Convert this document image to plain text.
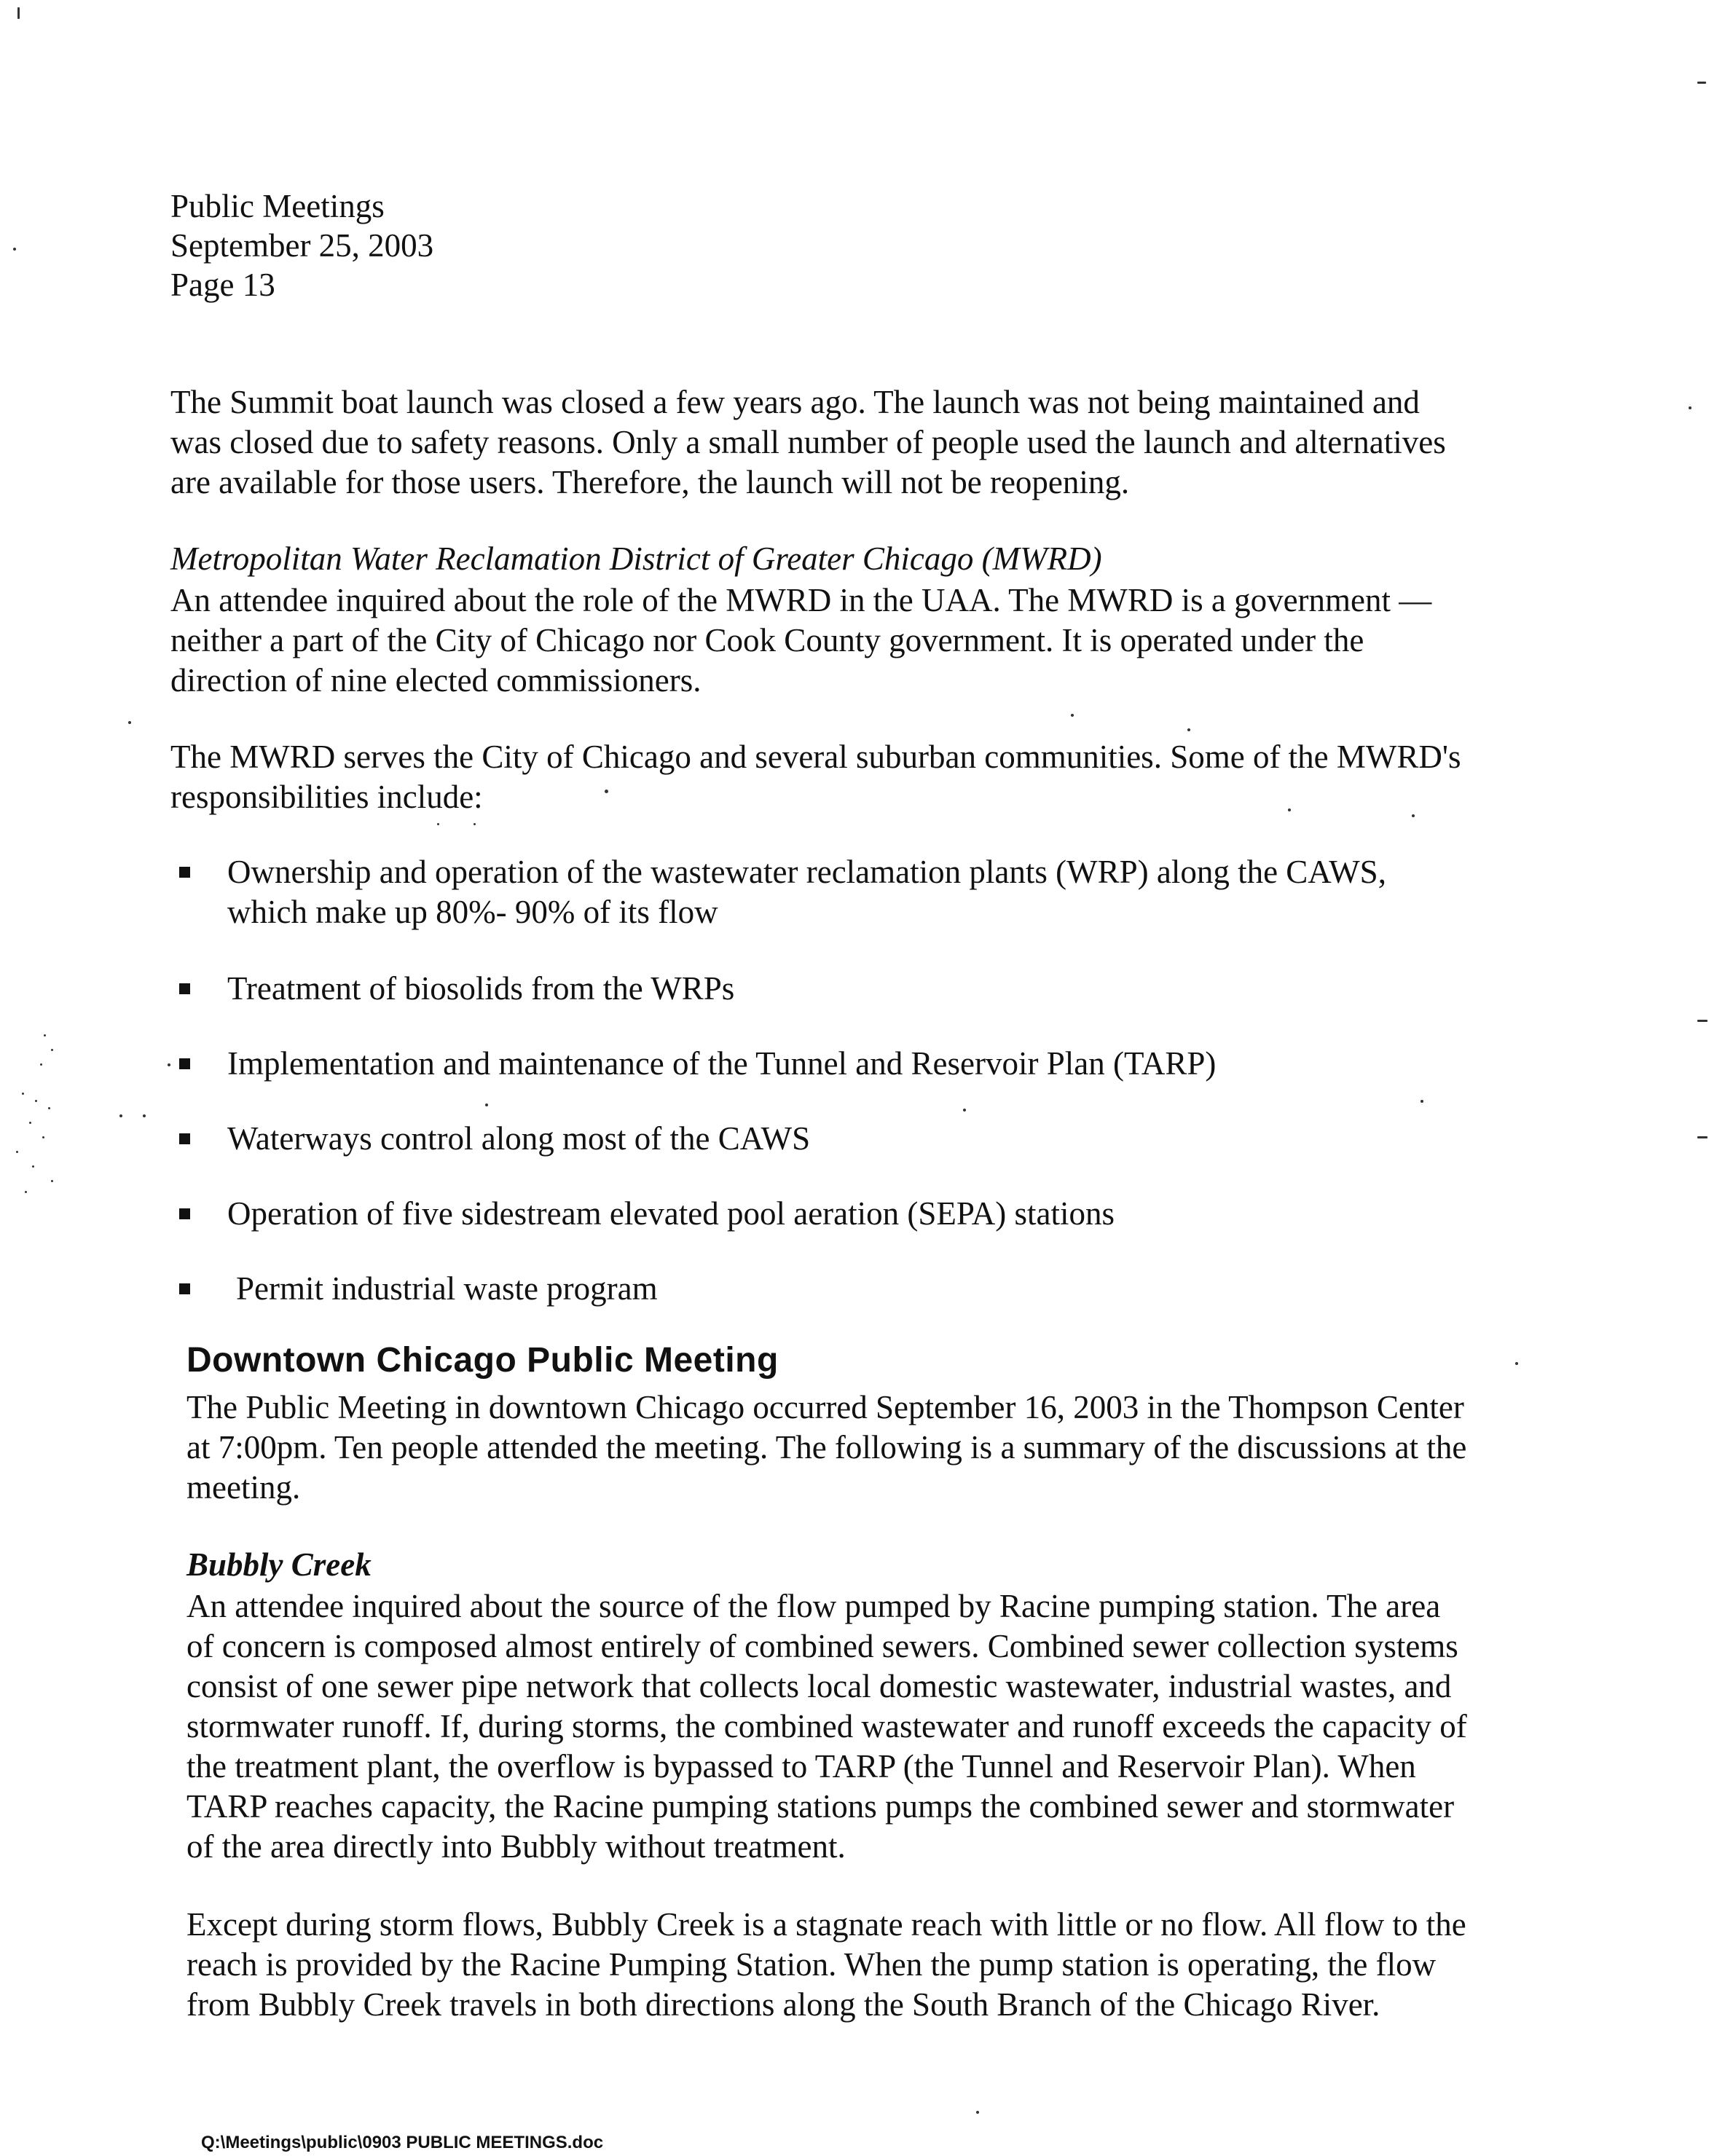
Public Meetings
September 25, 2003
Page 13
The Summit boat launch was closed a few years ago. The launch was not being maintained and
was closed due to safety reasons. Only a small number of people used the launch and alternatives
are available for those users. Therefore, the launch will not be reopening.
Metropolitan Water Reclamation District of Greater Chicago (MWRD)
An attendee inquired about the role of the MWRD in the UAA. The MWRD is a government —
neither a part of the City of Chicago nor Cook County government. It is operated under the
direction of nine elected commissioners.
The MWRD serves the City of Chicago and several suburban communities. Some of the MWRD's
responsibilities include:
Ownership and operation of the wastewater reclamation plants (WRP) along the CAWS,
which make up 80%- 90% of its flow
Treatment of biosolids from the WRPs
Implementation and maintenance of the Tunnel and Reservoir Plan (TARP)
Waterways control along most of the CAWS
Operation of five sidestream elevated pool aeration (SEPA) stations
Permit industrial waste program
Downtown Chicago Public Meeting
The Public Meeting in downtown Chicago occurred September 16, 2003 in the Thompson Center
at 7:00pm. Ten people attended the meeting. The following is a summary of the discussions at the
meeting.
Bubbly Creek
An attendee inquired about the source of the flow pumped by Racine pumping station. The area
of concern is composed almost entirely of combined sewers. Combined sewer collection systems
consist of one sewer pipe network that collects local domestic wastewater, industrial wastes, and
stormwater runoff. If, during storms, the combined wastewater and runoff exceeds the capacity of
the treatment plant, the overflow is bypassed to TARP (the Tunnel and Reservoir Plan). When
TARP reaches capacity, the Racine pumping stations pumps the combined sewer and stormwater
of the area directly into Bubbly without treatment.
Except during storm flows, Bubbly Creek is a stagnate reach with little or no flow. All flow to the
reach is provided by the Racine Pumping Station. When the pump station is operating, the flow
from Bubbly Creek travels in both directions along the South Branch of the Chicago River.
Q:\Meetings\public\0903 PUBLIC MEETINGS.doc
